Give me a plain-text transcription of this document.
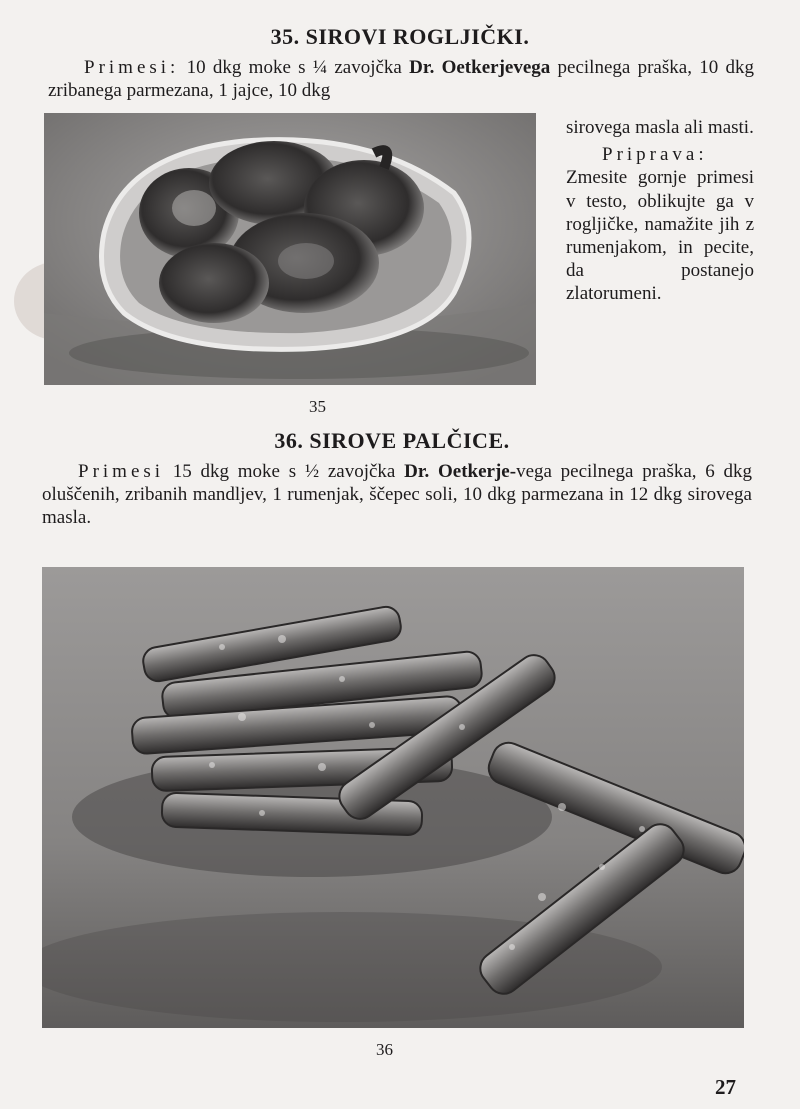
35. SIROVI ROGLJIČKI.
Primesi: 10 dkg moke s ¼ zavojčka Dr. Oetkerjevega pecilnega praška, 10 dkg zribanega parmezana, 1 jajce, 10 dkg
sirovega masla ali masti.
Priprava: Zmesite gornje primesi v testo, oblikujte ga v rogljičke, namažite jih z rumenjakom, in pecite, da postanejo zlatorumeni.
35
36. SIROVE PALČICE.
Primesi 15 dkg moke s ½ zavojčka Dr. Oetkerje-vega pecilnega praška, 6 dkg oluščenih, zribanih mandljev, 1 rumenjak, ščepec soli, 10 dkg parmezana in 12 dkg sirovega masla.
36
27
